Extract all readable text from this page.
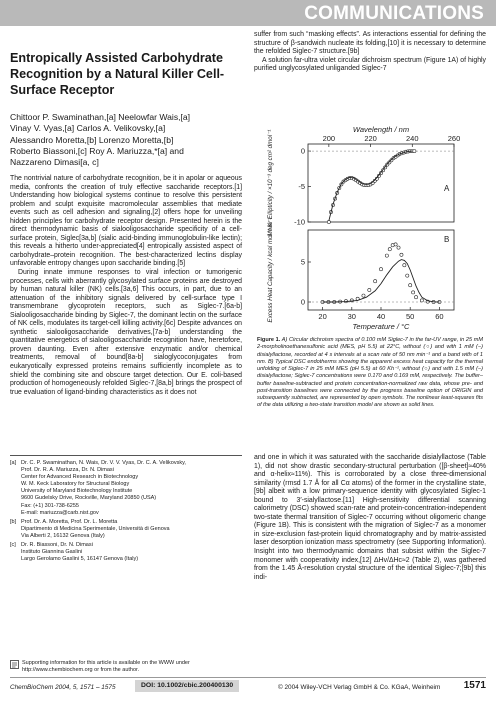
COMMUNICATIONS
Entropically Assisted Carbohydrate Recognition by a Natural Killer Cell-Surface Receptor

Chittoor P. Swaminathan,[a] Neelowfar Wais,[a]

Vinay V. Vyas,[a] Carlos A. Velikovsky,[a]

Alessandro Moretta,[b] Lorenzo Moretta,[b]

Roberto Biassoni,[c] Roy A. Mariuzza,*[a] and

Nazzareno Dimasi[a, c]

The nontrivial nature of carbohydrate recognition, be it in apolar or aqueous media, confronts the creation of truly effective saccharide receptors.[1] Understanding how biological systems continue to resolve this persistent problem and sculpt exquisite macromolecular assemblies that mediate events such as cell adhesion and signaling,[2] offers hope for unveiling hidden principles for carbohydrate receptor design. Presented herein is the direct thermodynamic basis of sialooligosaccharide specificity of a cell-surface protein, Siglec[3a,b] (sialic acid-binding immunoglobulin-like lectin); this reveals a hitherto under-appreciated[4] entropically assisted aspect of carbohydrate–protein recognition. The best-characterized lectins display unfavorable entropy changes upon saccharide binding.[5]

During innate immune responses to viral infection or tumorigenic processes, cells with aberrantly glycosylated surface proteins are destroyed by human natural killer (NK) cells.[3a,6] This occurs, in part, due to an attenuation of the inhibitory signals delivered by cell-surface type I transmembrane glycoprotein receptors, such as Siglec-7.[6a-b] Sialooligosaccharide binding by Siglec-7, the dominant lectin on the surface of NK cells, modulates its target-cell killing activity.[6c] Despite advances on synthetic sialooligosaccharide derivatives,[7a-b] understanding the quantitative energetics of sialooligosaccharide recognition have, heretofore, proven daunting. Even after extensive enzymatic and/or chemical treatments, removal of bound[8a-b] sialoglycoconjugates from eukaryotically expressed proteins remains sufficiently incomplete as to shield the combining site and obscure target detection. Our E. coli-based production of homogeneously refolded Siglec-7,[8a,b] brings the prospect of true evaluation of ligand-binding characteristics as it does not

[a] Dr. C. P. Swaminathan, N. Wais, Dr. V. V. Vyas, Dr. C. A. Velikovsky,
Prof. Dr. R. A. Mariuzza, Dr. N. Dimasi
Center for Advanced Research in Biotechnology
W. M. Keck Laboratory for Structural Biology
University of Maryland Biotechnology Institute
9600 Gudelsky Drive, Rockville, Maryland 20850 (USA)
Fax: (+1) 301-738-6255
E-mail: mariuzza@carb.nist.gov
[b] Prof. Dr. A. Moretta, Prof. Dr. L. Moretta
Dipartimento di Medicina Sperimentale, Università di Genova
Via Alberti 2, 16132 Genova (Italy)
[c] Dr. R. Biassoni, Dr. N. Dimasi
Instituto Giannina Gaslini
Largo Gerolamo Gaslini 5, 16147 Genova (Italy)
Supporting information for this article is available on the WWW under http://www.chembiochem.org or from the author.

suffer from such “masking effects”. As interactions essential for defining the structure of β-sandwich nucleate its folding,[10] it is necessary to determine the refolded Siglec-7 structure.[9b]

A solution far-ultra violet circular dichroism spectrum (Figure 1A) of highly purified unglycosylated unliganded Siglec-7

200	220	240	260
0
-5
-10
Wavelength / nm
Molar Ellipticity / ×10⁻³ deg cm² dmol⁻¹	A
20	30	40	50	60
0
5
Temperature / °C
Excess Heat Capacity / kcal mol⁻¹ K⁻¹	B
Figure 1. A) Circular dichroism spectra of 0.100 mM Siglec-7 in the far-UV range, in 25 mM 2-morpholinoethanesulfonic acid (MES, pH 5.5) at 22°C, without (○) and with 1 mM (−) disialyllactose, recorded at 4 s intervals at a scan rate of 50 nm min⁻¹ and a band with of 1 nm. B) Typical DSC endotherms showing the apparent excess heat capacity for the thermal unfolding of Siglec-7 in 25 mM MES (pH 5.5) at 60 Kh⁻¹, without (○) and with 1.5 mM (−) disialyllactose; Siglec-7 concentrations were 0.170 and 0.169 mM, respectively. The buffer–buffer baseline-subtracted and protein concentration-normalized raw data, whose pre- and post-transition baselines were connected by the progress baseline option of ORIGIN and subsequently subtracted, are represented by open symbols. The nonlinear least-squares fits of the data utilizing a two-state transition model are shown as solid lines.

and one in which it was saturated with the saccharide disialyllactose (Table 1), did not show drastic secondary-structural perturbation ([β-sheet]≈40% and α-helix≈11%). This is corroborated by a close three-dimensional similarity (rmsd 1.7 Å for all Cα atoms) of the former in the crystalline state,[9b] albeit with a low primary-sequence identity with glycosylated Siglec-1 bound to 3′-sialyllactose.[11] High-sensitivity differential scanning calorimetry (DSC) showed scan-rate and protein-concentration-independent two-state thermal transition of Siglec-7 occurring without oligomeric change (Figure 1B). This is consistent with the migration of Siglec-7 as a monomer in size-exclusion fast-protein liquid chromatography and by matrix-assisted laser desorption ionization mass spectrometry (see Supporting Information). Insight into two thermodynamic domains that subsist within the Siglec-7 monomer with cooperativity index,[12] ΔHv/ΔHc≈2 (Table 2), was gathered from the 1.45 Å-resolution crystal structure of the identical Siglec-7;[9b] this indi-

ChemBioChem 2004, 5, 1571 – 1575	DOI: 10.1002/cbic.200400130	© 2004 Wiley-VCH Verlag GmbH & Co. KGaA, Weinheim 1571
